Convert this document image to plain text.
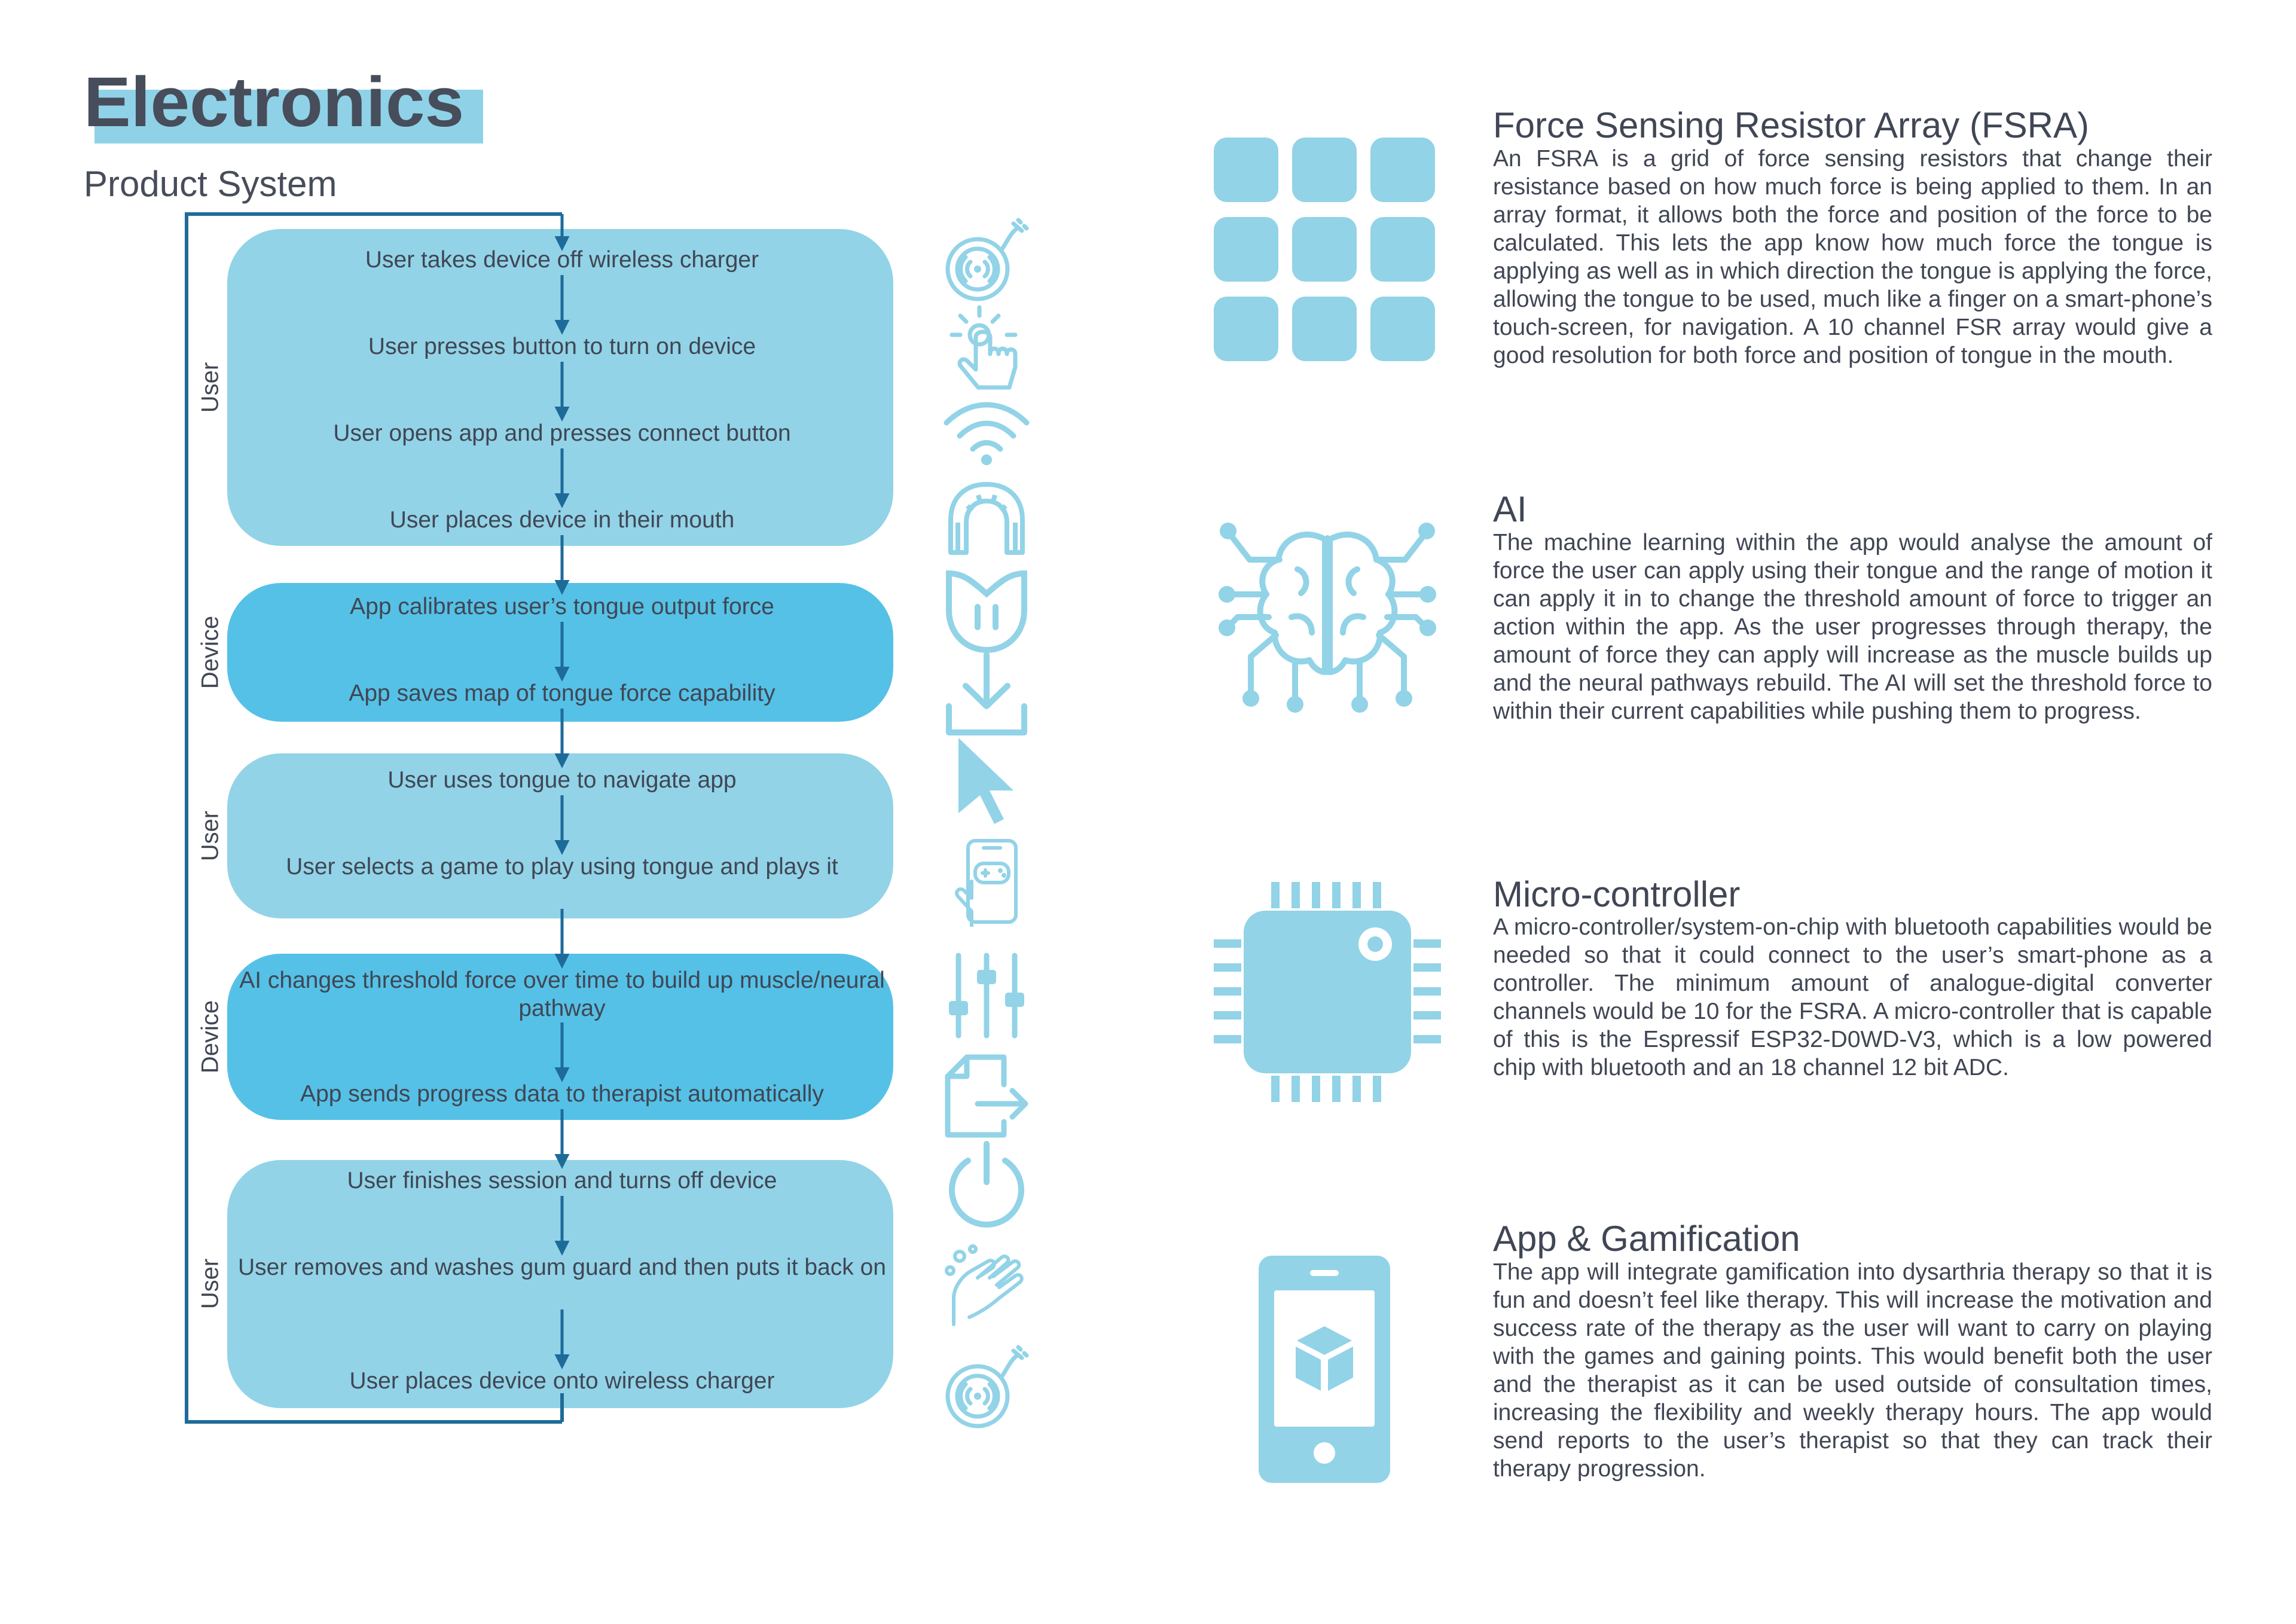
Electronics
Product System
User
Device
User
Device
User
User takes device off wireless charger
User presses button to turn on device
User opens app and presses connect button
User places device in their mouth
App calibrates user’s tongue output force
App saves map of tongue force capability
User uses tongue to navigate app
User selects a game to play using tongue and plays it
AI changes threshold force over time to build up muscle/neural pathway
App sends progress data to therapist automatically
User finishes session and turns off device
User removes and washes gum guard and then puts it back on
User places device onto wireless charger
Force Sensing Resistor Array (FSRA)

An FSRA is a grid of force sensing resistors that change their resistance based on how much force is being applied to them. In an array format, it allows both the force and position of the force to be calculated. This lets the app know how much force the tongue is applying as well as in which direction the tongue is applying the force, allowing the tongue to be used, much like a finger on a smart-phone’s touch-screen, for navigation. A 10 channel FSR array would give a good resolution for both force and position of tongue in the mouth.

AI

The machine learning within the app would analyse the amount of force the user can apply using their tongue and the range of motion it can apply it in to change the threshold amount of force to trigger an action within the app. As the user progresses through therapy, the amount of force they can apply will increase as the muscle builds up and the neural pathways rebuild. The AI will set the threshold force to within their current capabilities while pushing them to progress.

Micro-controller

A micro-controller/system-on-chip with bluetooth capabilities would be needed so that it could connect to the user’s smart-phone as a controller. The minimum amount of analogue-digital converter channels would be 10 for the FSRA. A micro-controller that is capable of this is the Espressif ESP32-D0WD-V3, which is a low powered chip with bluetooth and an 18 channel 12 bit ADC.

App & Gamification

The app will integrate gamification into dysarthria therapy so that it is fun and doesn’t feel like therapy. This will increase the motivation and success rate of the therapy as the user will want to carry on playing with the games and gaining points. This would benefit both the user and the therapist as it can be used outside of consultation times, increasing the flexibility and weekly therapy hours. The app would send reports to the user’s therapist so that they can track their therapy progression.
